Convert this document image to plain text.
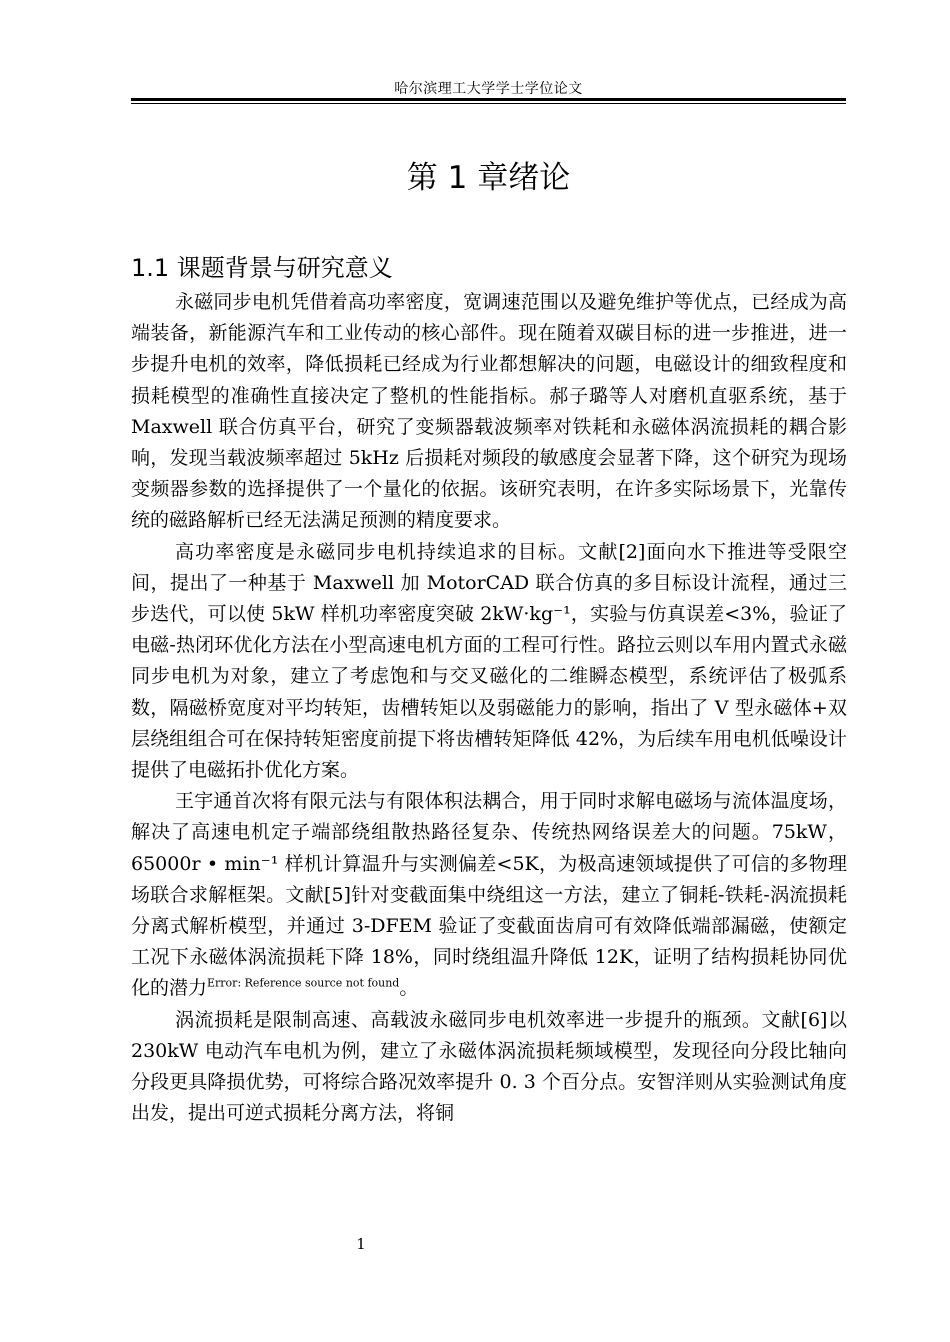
哈尔滨理工大学学士学位论文
第 1 章绪论
1.1 课题背景与研究意义

永磁同步电机凭借着高功率密度，宽调速范围以及避免维护等优点，已经成为高端装备，新能源汽车和工业传动的核心部件。现在随着双碳目标的进一步推进，进一步提升电机的效率，降低损耗已经成为行业都想解决的问题，电磁设计的细致程度和损耗模型的准确性直接决定了整机的性能指标。郝子璐等人对磨机直驱系统，基于 Maxwell 联合仿真平台，研究了变频器载波频率对铁耗和永磁体涡流损耗的耦合影响，发现当载波频率超过 5kHz 后损耗对频段的敏感度会显著下降，这个研究为现场变频器参数的选择提供了一个量化的依据。该研究表明，在许多实际场景下，光靠传统的磁路解析已经无法满足预测的精度要求。

高功率密度是永磁同步电机持续追求的目标。文献[2]面向水下推进等受限空间，提出了一种基于 Maxwell 加 MotorCAD 联合仿真的多目标设计流程，通过三步迭代，可以使 5kW 样机功率密度突破 2kW·kg⁻¹，实验与仿真误差<3%，验证了电磁-热闭环优化方法在小型高速电机方面的工程可行性。路拉云则以车用内置式永磁同步电机为对象，建立了考虑饱和与交叉磁化的二维瞬态模型，系统评估了极弧系数，隔磁桥宽度对平均转矩，齿槽转矩以及弱磁能力的影响，指出了 V 型永磁体+双层绕组组合可在保持转矩密度前提下将齿槽转矩降低 42%，为后续车用电机低噪设计提供了电磁拓扑优化方案。

王宇通首次将有限元法与有限体积法耦合，用于同时求解电磁场与流体温度场，解决了高速电机定子端部绕组散热路径复杂、传统热网络误差大的问题。75kW，65000r • min⁻¹ 样机计算温升与实测偏差<5K，为极高速领域提供了可信的多物理场联合求解框架。文献[5]针对变截面集中绕组这一方法，建立了铜耗-铁耗-涡流损耗分离式解析模型，并通过 3-DFEM 验证了变截面齿肩可有效降低端部漏磁，使额定工况下永磁体涡流损耗下降 18%，同时绕组温升降低 12K，证明了结构损耗协同优化的潜力$^{Error: Reference source not found}$。

涡流损耗是限制高速、高载波永磁同步电机效率进一步提升的瓶颈。文献[6]以 230kW 电动汽车电机为例，建立了永磁体涡流损耗频域模型，发现径向分段比轴向分段更具降损优势，可将综合路况效率提升 0. 3 个百分点。安智洋则从实验测试角度出发，提出可逆式损耗分离方法，将铜

1
